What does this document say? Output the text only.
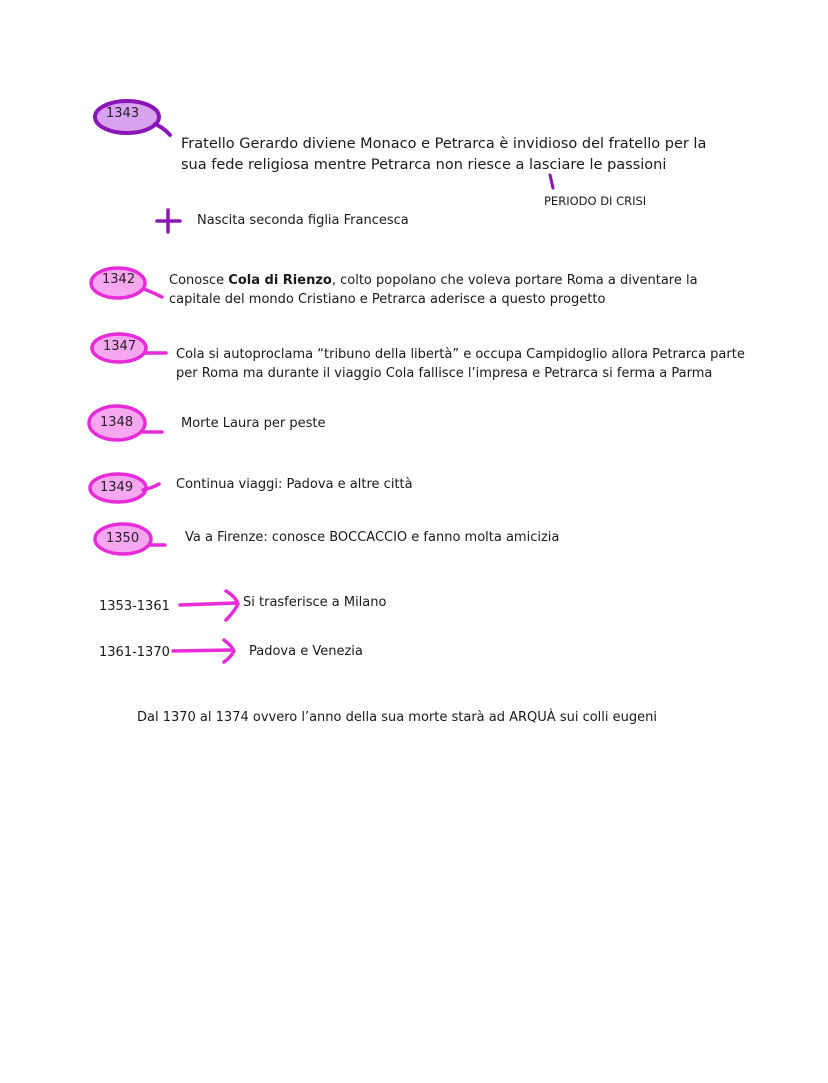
1343
1342
1347
1348
1349
1350
Fratello Gerardo diviene Monaco e Petrarca è invidioso del fratello per la
sua fede religiosa mentre Petrarca non riesce a lasciare le passioni
PERIODO DI CRISI
Nascita seconda figlia Francesca
Conosce Cola di Rienzo, colto popolano che voleva portare Roma a diventare la
capitale del mondo Cristiano e Petrarca aderisce a questo progetto
Cola si autoproclama “tribuno della libertà” e occupa Campidoglio allora Petrarca parte
per Roma ma durante il viaggio Cola fallisce l’impresa e Petrarca si ferma a Parma
Morte Laura per peste
Continua viaggi: Padova e altre città
Va a Firenze: conosce BOCCACCIO e fanno molta amicizia
1353-1361	Si trasferisce a Milano
1361-1370	Padova e Venezia
Dal 1370 al 1374 ovvero l’anno della sua morte starà ad ARQUÀ sui colli eugeni
